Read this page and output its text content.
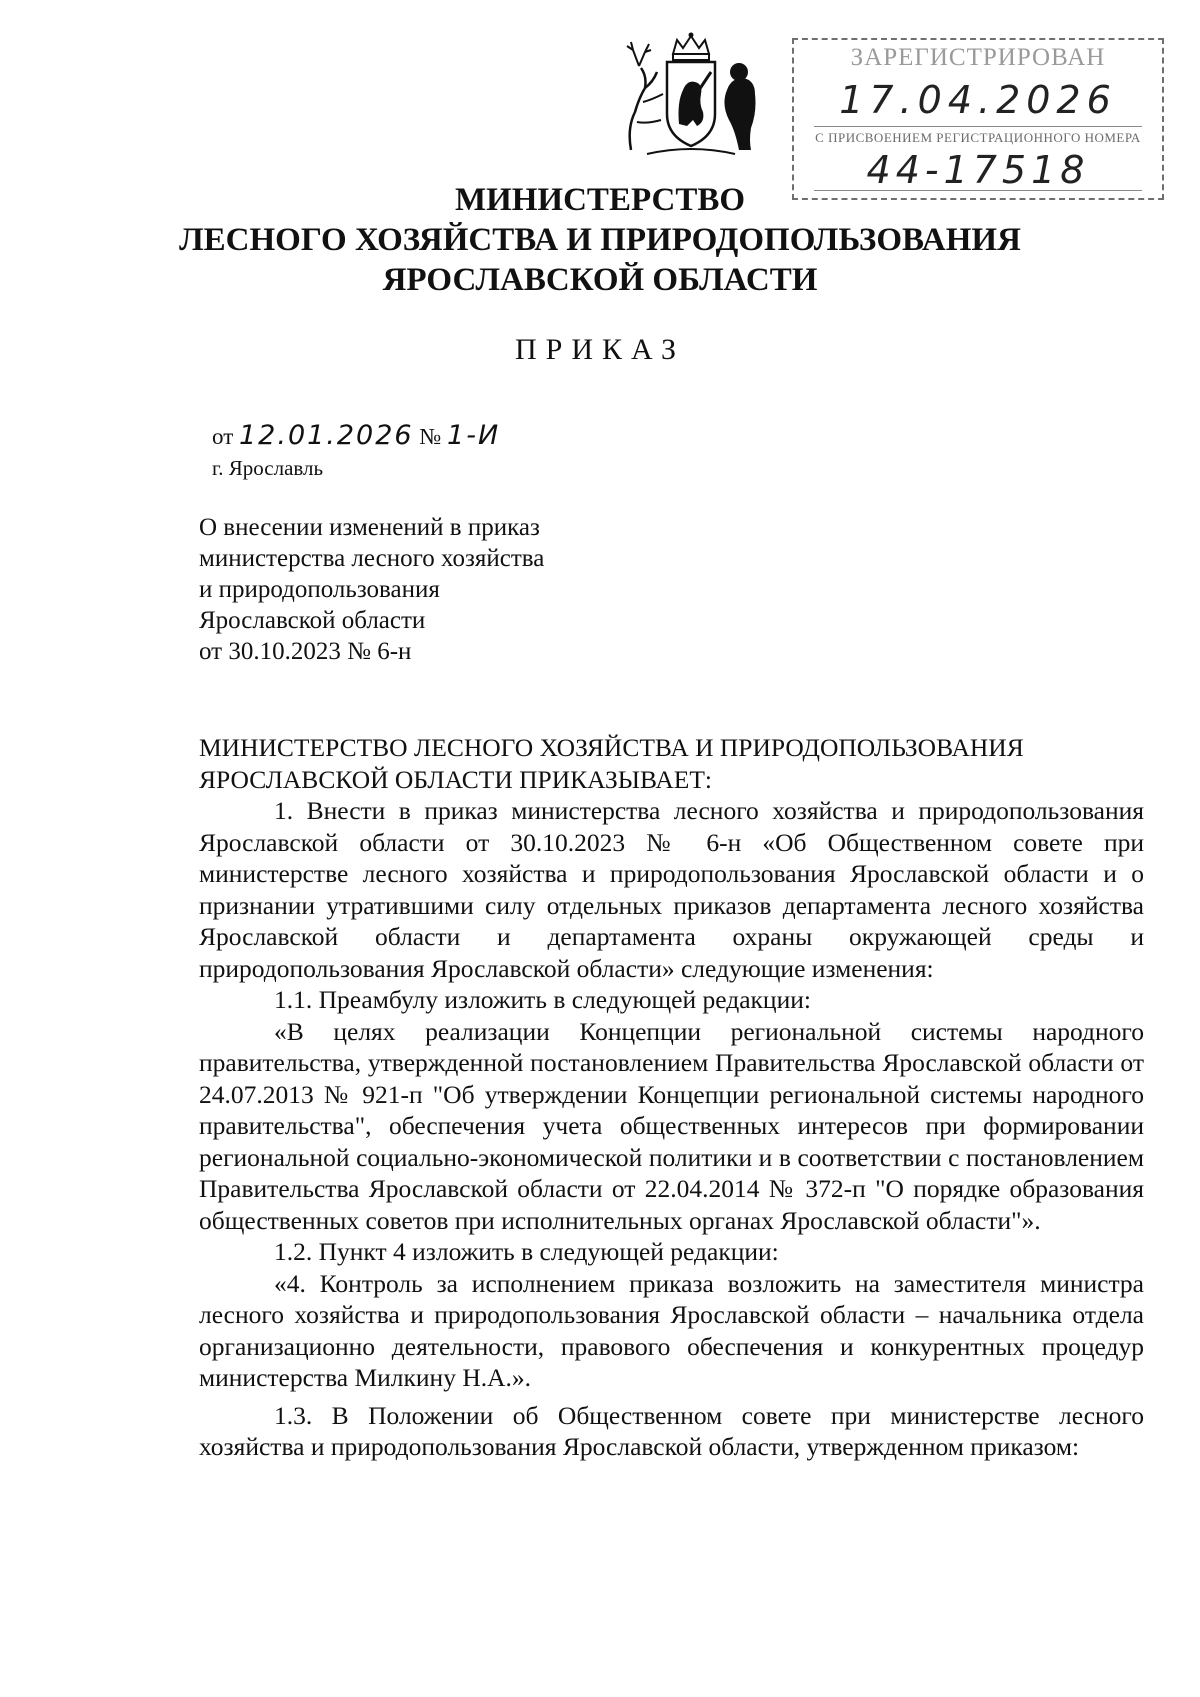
ЗАРЕГИСТРИРОВАН
17.04.2026
С ПРИСВОЕНИЕМ РЕГИСТРАЦИОННОГО НОМЕРА
44-17518
МИНИСТЕРСТВО
ЛЕСНОГО ХОЗЯЙСТВА И ПРИРОДОПОЛЬЗОВАНИЯ
ЯРОСЛАВСКОЙ ОБЛАСТИ
ПРИКАЗ
от 12.01.2026 № 1-И
г. Ярославль
О внесении изменений в приказ
министерства лесного хозяйства
и природопользования
Ярославской области
от 30.10.2023 № 6-н

МИНИСТЕРСТВО ЛЕСНОГО ХОЗЯЙСТВА И ПРИРОДОПОЛЬЗОВАНИЯ ЯРОСЛАВСКОЙ ОБЛАСТИ ПРИКАЗЫВАЕТ:

1. Внести в приказ министерства лесного хозяйства и природопользования Ярославской области от 30.10.2023 № 6-н «Об Общественном совете при министерстве лесного хозяйства и природопользования Ярославской области и о признании утратившими силу отдельных приказов департамента лесного хозяйства Ярославской области и департамента охраны окружающей среды и природопользования Ярославской области» следующие изменения:

1.1. Преамбулу изложить в следующей редакции:

«В целях реализации Концепции региональной системы народного правительства, утвержденной постановлением Правительства Ярославской области от 24.07.2013 № 921-п "Об утверждении Концепции региональной системы народного правительства", обеспечения учета общественных интересов при формировании региональной социально-экономической политики и в соответствии с постановлением Правительства Ярославской области от 22.04.2014 № 372-п "О порядке образования общественных советов при исполнительных органах Ярославской области"».

1.2. Пункт 4 изложить в следующей редакции:

«4. Контроль за исполнением приказа возложить на заместителя министра лесного хозяйства и природопользования Ярославской области – начальника отдела организационно деятельности, правового обеспечения и конкурентных процедур министерства Милкину Н.А.».

1.3. В Положении об Общественном совете при министерстве лесного хозяйства и природопользования Ярославской области, утвержденном приказом:
